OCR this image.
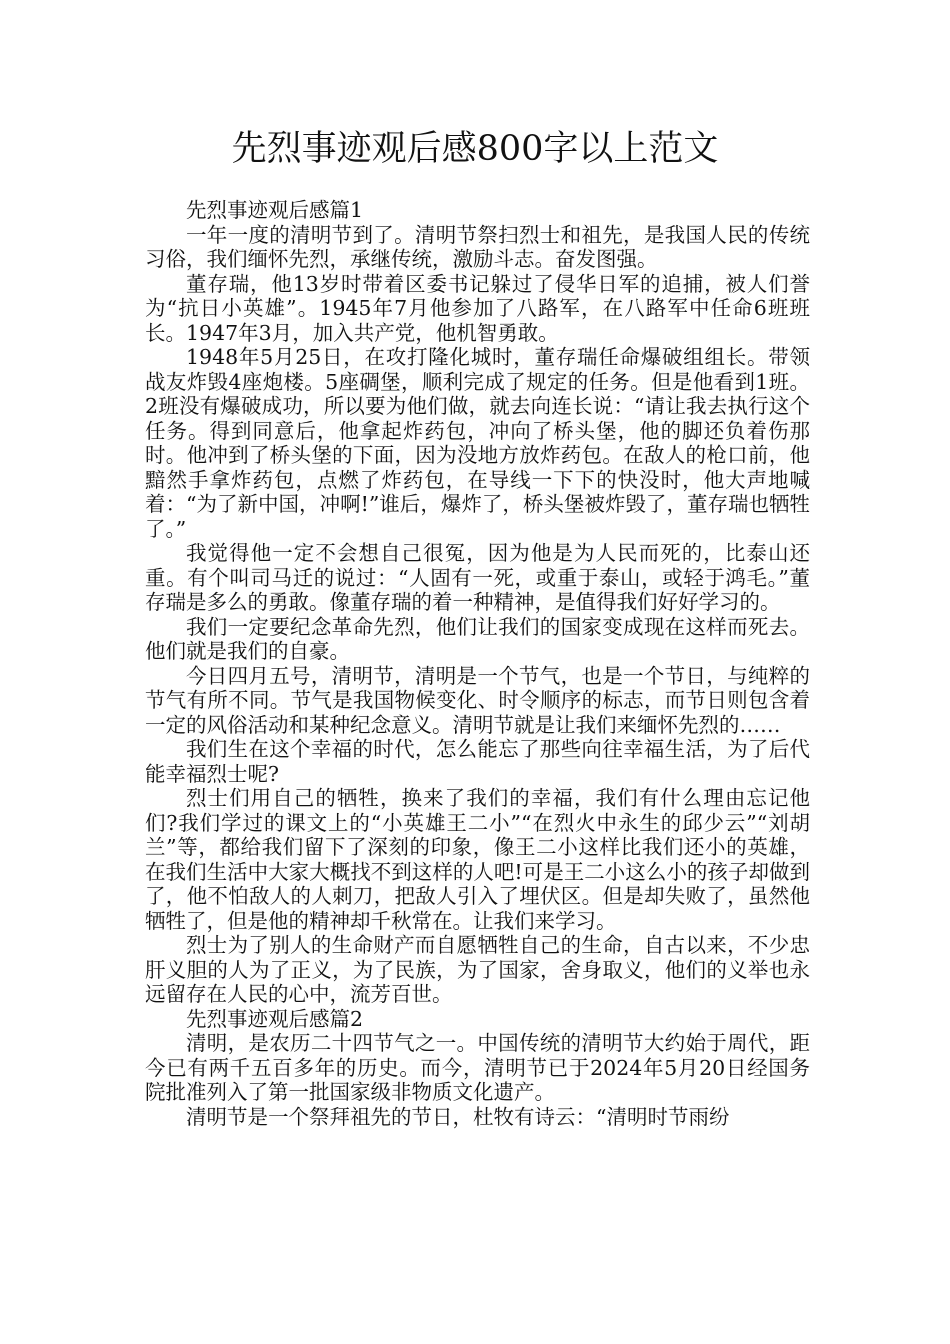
先烈事迹观后感800字以上范文

先烈事迹观后感篇1

一年一度的清明节到了。清明节祭扫烈士和祖先，是我国人民的传统习俗，我们缅怀先烈，承继传统，激励斗志。奋发图强。

董存瑞，他13岁时带着区委书记躲过了侵华日军的追捕，被人们誉为“抗日小英雄”。1945年7月他参加了八路军，在八路军中任命6班班长。1947年3月，加入共产党，他机智勇敢。

1948年5月25日，在攻打隆化城时，董存瑞任命爆破组组长。带领战友炸毁4座炮楼。5座碉堡，顺利完成了规定的任务。但是他看到1班。2班没有爆破成功，所以要为他们做，就去向连长说：“请让我去执行这个任务。得到同意后，他拿起炸药包，冲向了桥头堡，他的脚还负着伤那时。他冲到了桥头堡的下面，因为没地方放炸药包。在敌人的枪口前，他黯然手拿炸药包，点燃了炸药包，在导线一下下的快没时，他大声地喊着：“为了新中国，冲啊!”谁后，爆炸了，桥头堡被炸毁了，董存瑞也牺牲了。”

我觉得他一定不会想自己很冤，因为他是为人民而死的，比泰山还重。有个叫司马迁的说过：“人固有一死，或重于泰山，或轻于鸿毛。”董存瑞是多么的勇敢。像董存瑞的着一种精神，是值得我们好好学习的。

我们一定要纪念革命先烈，他们让我们的国家变成现在这样而死去。他们就是我们的自豪。

今日四月五号，清明节，清明是一个节气，也是一个节日，与纯粹的节气有所不同。节气是我国物候变化、时令顺序的标志，而节日则包含着一定的风俗活动和某种纪念意义。清明节就是让我们来缅怀先烈的……

我们生在这个幸福的时代，怎么能忘了那些向往幸福生活，为了后代能幸福烈士呢?

烈士们用自己的牺牲，换来了我们的幸福，我们有什么理由忘记他们?我们学过的课文上的“小英雄王二小”“在烈火中永生的邱少云”“刘胡兰”等，都给我们留下了深刻的印象，像王二小这样比我们还小的英雄，在我们生活中大家大概找不到这样的人吧!可是王二小这么小的孩子却做到了，他不怕敌人的人刺刀，把敌人引入了埋伏区。但是却失败了，虽然他牺牲了，但是他的精神却千秋常在。让我们来学习。

烈士为了别人的生命财产而自愿牺牲自己的生命，自古以来，不少忠肝义胆的人为了正义，为了民族，为了国家，舍身取义，他们的义举也永远留存在人民的心中，流芳百世。

先烈事迹观后感篇2

清明，是农历二十四节气之一。中国传统的清明节大约始于周代，距今已有两千五百多年的历史。而今，清明节已于2024年5月20日经国务院批准列入了第一批国家级非物质文化遗产。

清明节是一个祭拜祖先的节日，杜牧有诗云：“清明时节雨纷
